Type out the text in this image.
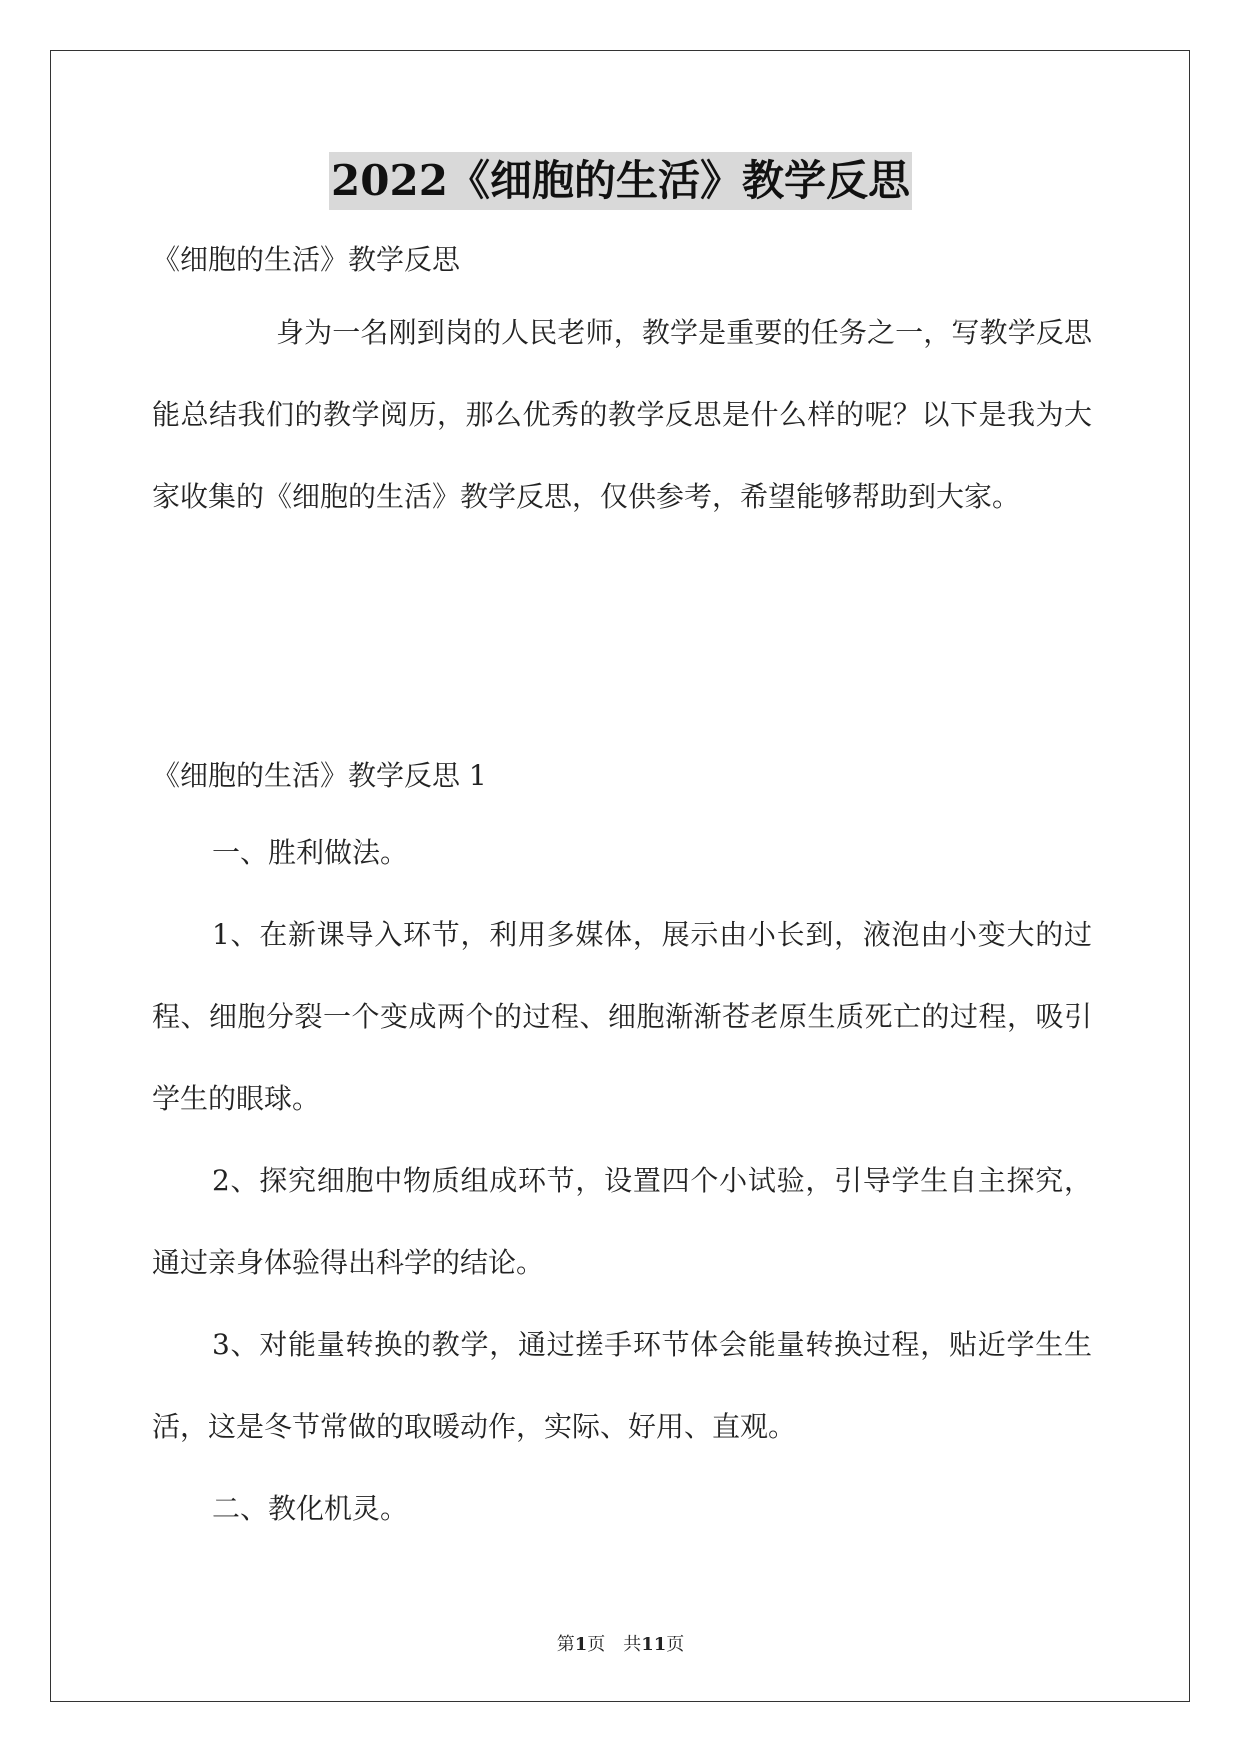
2022《细胞的生活》教学反思

《细胞的生活》教学反思

身为一名刚到岗的人民老师，教学是重要的任务之一，写教学反思能总结我们的教学阅历，那么优秀的教学反思是什么样的呢？以下是我为大家收集的《细胞的生活》教学反思，仅供参考，希望能够帮助到大家。

《细胞的生活》教学反思 1

一、胜利做法。

1、在新课导入环节，利用多媒体，展示由小长到，液泡由小变大的过程、细胞分裂一个变成两个的过程、细胞渐渐苍老原生质死亡的过程，吸引学生的眼球。

2、探究细胞中物质组成环节，设置四个小试验，引导学生自主探究，通过亲身体验得出科学的结论。

3、对能量转换的教学，通过搓手环节体会能量转换过程，贴近学生生活，这是冬节常做的取暖动作，实际、好用、直观。

二、教化机灵。

第1页　共11页
